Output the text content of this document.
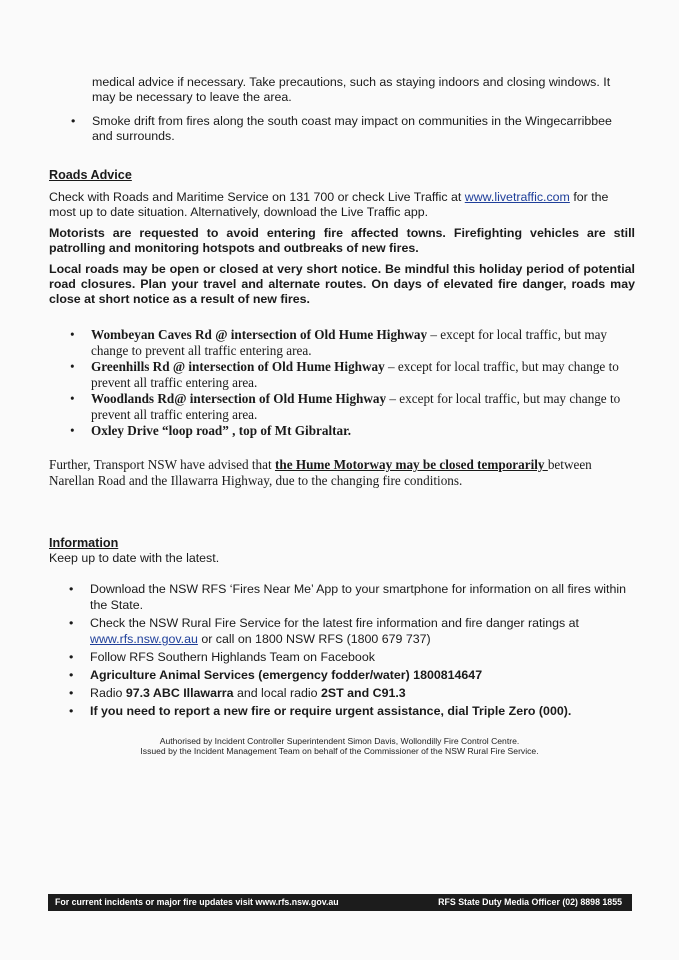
medical advice if necessary. Take precautions, such as staying indoors and closing windows. It may be necessary to leave the area.
• Smoke drift from fires along the south coast may impact on communities in the Wingecarribbee and surrounds.
Roads Advice
Check with Roads and Maritime Service on 131 700 or check Live Traffic at www.livetraffic.com for the most up to date situation. Alternatively, download the Live Traffic app.
Motorists are requested to avoid entering fire affected towns. Firefighting vehicles are still patrolling and monitoring hotspots and outbreaks of new fires.
Local roads may be open or closed at very short notice. Be mindful this holiday period of potential road closures. Plan your travel and alternate routes. On days of elevated fire danger, roads may close at short notice as a result of new fires.
• Wombeyan Caves Rd @ intersection of Old Hume Highway – except for local traffic, but may change to prevent all traffic entering area.
• Greenhills Rd @ intersection of Old Hume Highway – except for local traffic, but may change to prevent all traffic entering area.
• Woodlands Rd@ intersection of Old Hume Highway – except for local traffic, but may change to prevent all traffic entering area.
• Oxley Drive “loop road” , top of Mt Gibraltar.
Further, Transport NSW have advised that the Hume Motorway may be closed temporarily between Narellan Road and the Illawarra Highway, due to the changing fire conditions.
Information
Keep up to date with the latest.
• Download the NSW RFS ‘Fires Near Me’ App to your smartphone for information on all fires within the State.
• Check the NSW Rural Fire Service for the latest fire information and fire danger ratings at www.rfs.nsw.gov.au or call on 1800 NSW RFS (1800 679 737)
• Follow RFS Southern Highlands Team on Facebook
• Agriculture Animal Services (emergency fodder/water) 1800814647
• Radio 97.3 ABC Illawarra and local radio 2ST and C91.3
• If you need to report a new fire or require urgent assistance, dial Triple Zero (000).
Authorised by Incident Controller Superintendent Simon Davis, Wollondilly Fire Control Centre.
Issued by the Incident Management Team on behalf of the Commissioner of the NSW Rural Fire Service.
For current incidents or major fire updates visit www.rfs.nsw.gov.au	RFS State Duty Media Officer (02) 8898 1855
